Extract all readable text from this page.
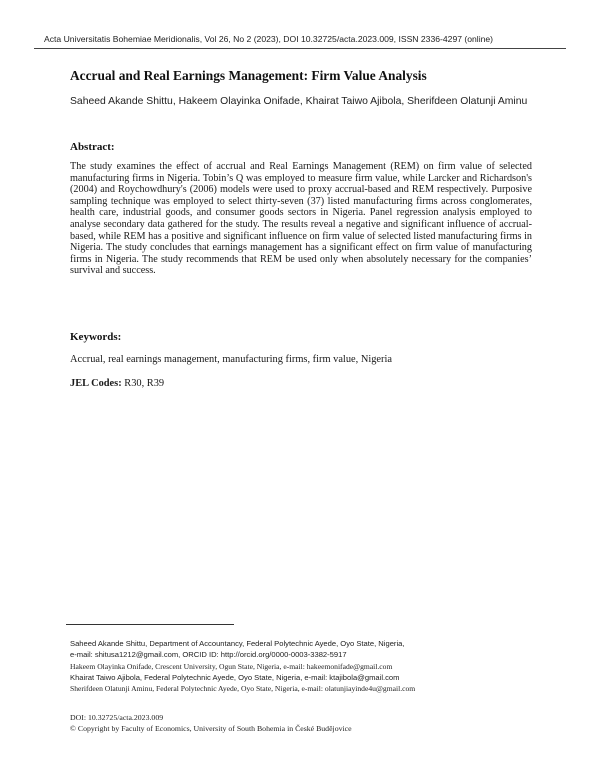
Acta Universitatis Bohemiae Meridionalis, Vol 26, No 2 (2023), DOI 10.32725/acta.2023.009, ISSN 2336-4297 (online)
Accrual and Real Earnings Management: Firm Value Analysis
Saheed Akande Shittu, Hakeem Olayinka Onifade, Khairat Taiwo Ajibola, Sherifdeen Olatunji Aminu
Abstract:
The study examines the effect of accrual and Real Earnings Management (REM) on firm value of selected manufacturing firms in Nigeria. Tobin’s Q was employed to measure firm value, while Larcker and Richardson's (2004) and Roychowdhury's (2006) models were used to proxy accrual-based and REM respectively. Purposive sampling technique was employed to select thirty-seven (37) listed manufacturing firms across conglomerates, health care, industrial goods, and consumer goods sectors in Nigeria. Panel regression analysis employed to analyse secondary data gathered for the study. The results reveal a negative and significant influence of accrual-based, while REM has a positive and significant influence on firm value of selected listed manufacturing firms in Nigeria. The study concludes that earnings management has a significant effect on firm value of manufacturing firms in Nigeria. The study recommends that REM be used only when absolutely necessary for the companies’ survival and success.
Keywords:
Accrual, real earnings management, manufacturing firms, firm value, Nigeria
JEL Codes: R30, R39
Saheed Akande Shittu, Department of Accountancy, Federal Polytechnic Ayede, Oyo State, Nigeria,
e-mail: shitusa1212@gmail.com, ORCID ID: http://orcid.org/0000-0003-3382-5917
Hakeem Olayinka Onifade, Crescent University, Ogun State, Nigeria, e-mail: hakeemonifade@gmail.com
Khairat Taiwo Ajibola, Federal Polytechnic Ayede, Oyo State, Nigeria, e-mail: ktajibola@gmail.com
Sherifdeen Olatunji Aminu, Federal Polytechnic Ayede, Oyo State, Nigeria, e-mail: olatunjiayinde4u@gmail.com
DOI: 10.32725/acta.2023.009
© Copyright by Faculty of Economics, University of South Bohemia in České Budějovice
